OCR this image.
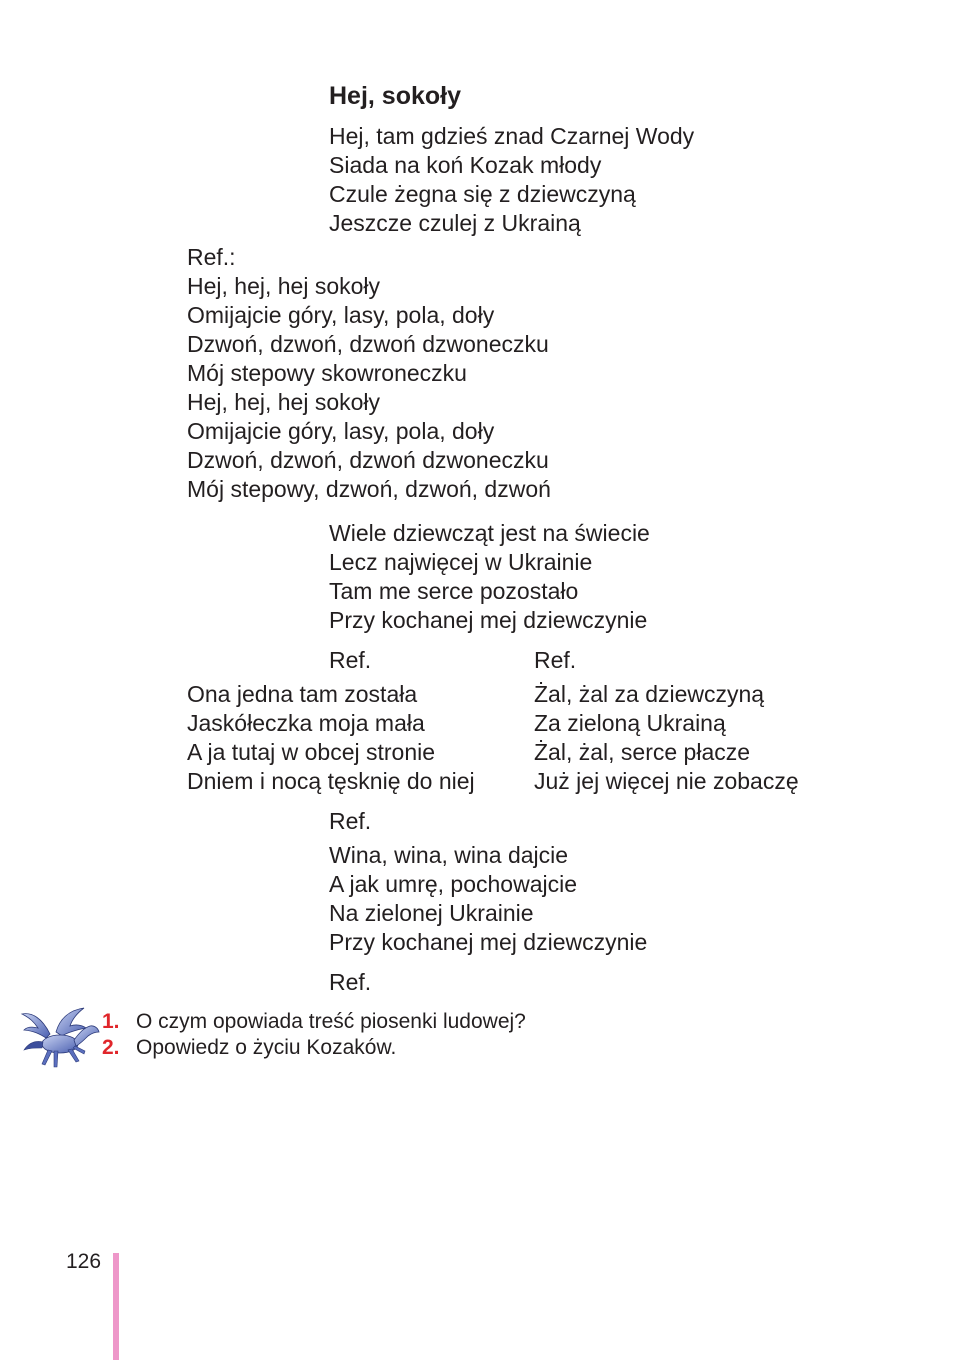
Hej, sokoły
Hej, tam gdzieś znad Czarnej Wody
Siada na koń Kozak młody
Czule żegna się z dziewczyną
Jeszcze czulej z Ukrainą
Ref.:
Hej, hej, hej sokoły
Omijajcie góry, lasy, pola, doły
Dzwoń, dzwoń, dzwoń dzwoneczku
Mój stepowy skowroneczku
Hej, hej, hej sokoły
Omijajcie góry, lasy, pola, doły
Dzwoń, dzwoń, dzwoń dzwoneczku
Mój stepowy, dzwoń, dzwoń, dzwoń
Wiele dziewcząt jest na świecie
Lecz najwięcej w Ukrainie
Tam me serce pozostało
Przy kochanej mej dziewczynie
Ref.	Ref.
Ona jedna tam została
Jaskółeczka moja mała
A ja tutaj w obcej stronie
Dniem i nocą tęsknię do niej
Żal, żal za dziewczyną
Za zieloną Ukrainą
Żal, żal, serce płacze
Już jej więcej nie zobaczę
Ref.
Wina, wina, wina dajcie
A jak umrę, pochowajcie
Na zielonej Ukrainie
Przy kochanej mej dziewczynie
Ref.
1. O czym opowiada treść piosenki ludowej?
2. Opowiedz o życiu Kozaków.
126
